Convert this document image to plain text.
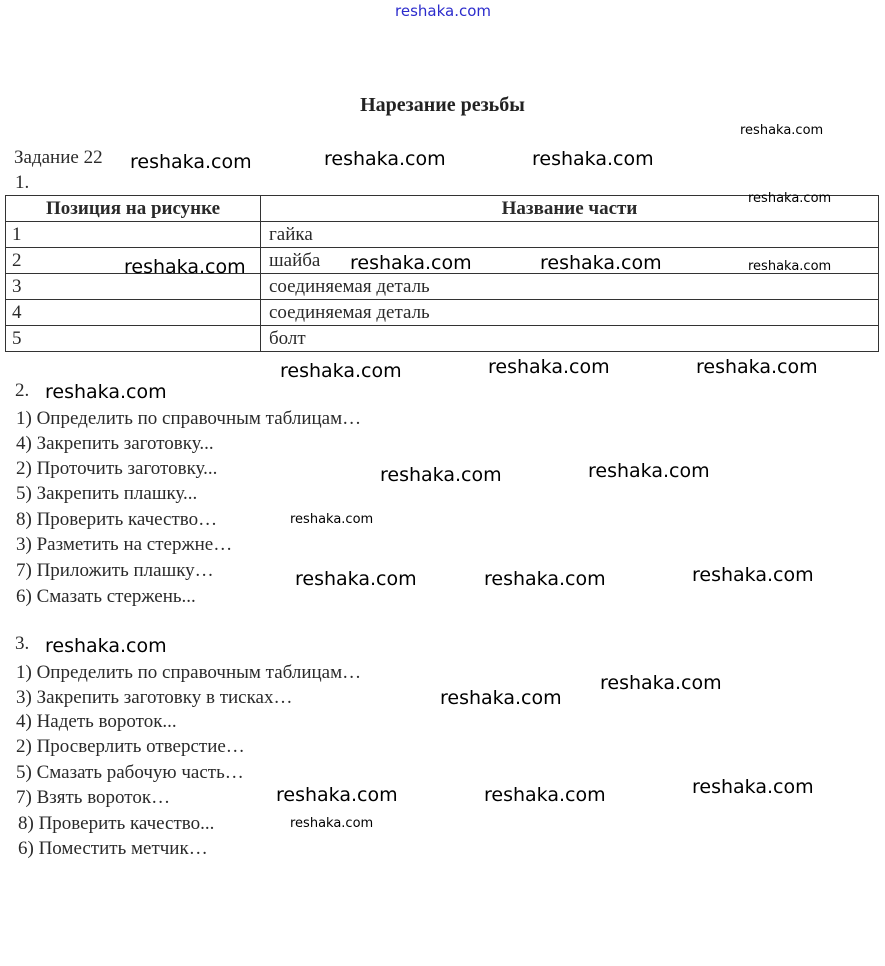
reshaka.com
Нарезание резьбы
Задание 22
1.
Позиция на рисунке	Название части
1	гайка
2	шайба
3	соединяемая деталь
4	соединяемая деталь
5	болт
2.
1) Определить по справочным таблицам…
4) Закрепить заготовку...
2) Проточить заготовку...
5) Закрепить плашку...
8) Проверить качество…
3) Разметить на стержне…
7) Приложить плашку…
6) Смазать стержень...
3.
1) Определить по справочным таблицам…
3) Закрепить заготовку в тисках…
4) Надеть вороток...
2) Просверлить отверстие…
5) Смазать рабочую часть…
7) Взять вороток…
8) Проверить качество...
6) Поместить метчик…
reshaka.com
reshaka.com	reshaka.com	reshaka.com
reshaka.com
reshaka.com	reshaka.com	reshaka.com	reshaka.com
reshaka.com	reshaka.com	reshaka.com
reshaka.com
reshaka.com	reshaka.com
reshaka.com
reshaka.com	reshaka.com	reshaka.com
reshaka.com
reshaka.com
reshaka.com
reshaka.com	reshaka.com	reshaka.com
reshaka.com
